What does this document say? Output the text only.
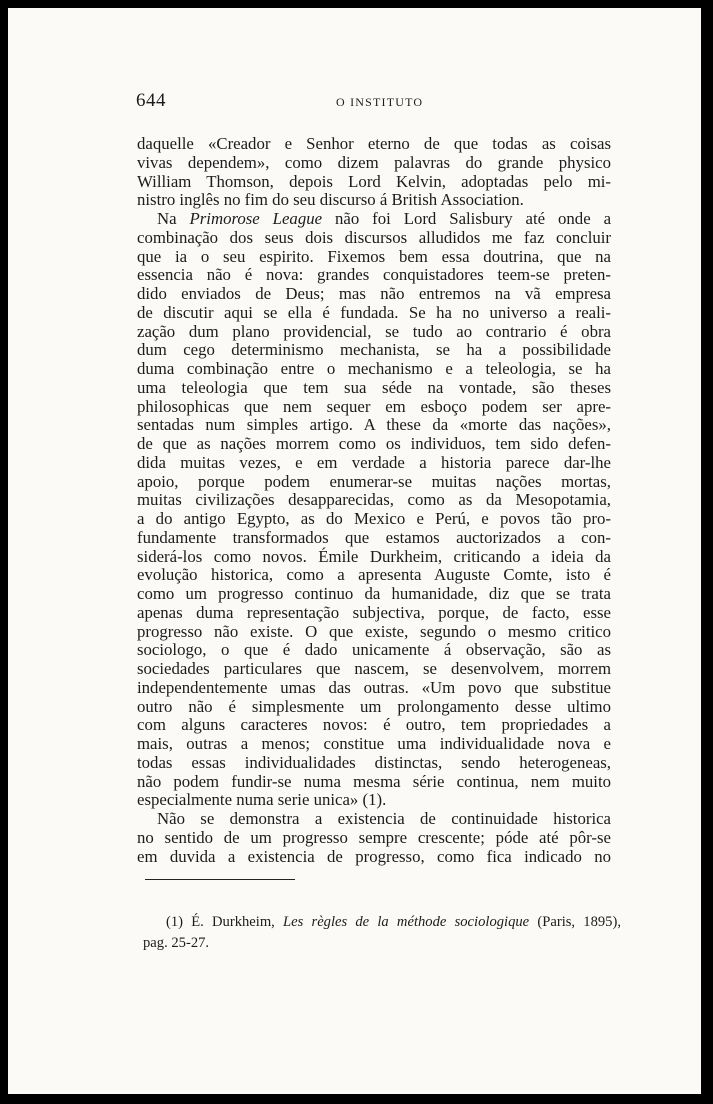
644	O INSTITUTO
daquelle «Creador e Senhor eterno de que todas as coisas
vivas dependem», como dizem palavras do grande physico
William Thomson, depois Lord Kelvin, adoptadas pelo mi-
nistro inglês no fim do seu discurso á British Association.
Na Primorose League não foi Lord Salisbury até onde a
combinação dos seus dois discursos alludidos me faz concluir
que ia o seu espirito. Fixemos bem essa doutrina, que na
essencia não é nova: grandes conquistadores teem-se preten-
dido enviados de Deus; mas não entremos na vã empresa
de discutir aqui se ella é fundada. Se ha no universo a reali-
zação dum plano providencial, se tudo ao contrario é obra
dum cego determinismo mechanista, se ha a possibilidade
duma combinação entre o mechanismo e a teleologia, se ha
uma teleologia que tem sua séde na vontade, são theses
philosophicas que nem sequer em esboço podem ser apre-
sentadas num simples artigo. A these da «morte das nações»,
de que as nações morrem como os individuos, tem sido defen-
dida muitas vezes, e em verdade a historia parece dar-lhe
apoio, porque podem enumerar-se muitas nações mortas,
muitas civilizações desapparecidas, como as da Mesopotamia,
a do antigo Egypto, as do Mexico e Perú, e povos tão pro-
fundamente transformados que estamos auctorizados a con-
siderá-los como novos. Émile Durkheim, criticando a ideia da
evolução historica, como a apresenta Auguste Comte, isto é
como um progresso continuo da humanidade, diz que se trata
apenas duma representação subjectiva, porque, de facto, esse
progresso não existe. O que existe, segundo o mesmo critico
sociologo, o que é dado unicamente á observação, são as
sociedades particulares que nascem, se desenvolvem, morrem
independentemente umas das outras. «Um povo que substitue
outro não é simplesmente um prolongamento desse ultimo
com alguns caracteres novos: é outro, tem propriedades a
mais, outras a menos; constitue uma individualidade nova e
todas essas individualidades distinctas, sendo heterogeneas,
não podem fundir-se numa mesma série continua, nem muito
especialmente numa serie unica» (1).
Não se demonstra a existencia de continuidade historica
no sentido de um progresso sempre crescente; póde até pôr-se
em duvida a existencia de progresso, como fica indicado no
(1) É. Durkheim, Les règles de la méthode sociologique (Paris, 1895),
pag. 25-27.
